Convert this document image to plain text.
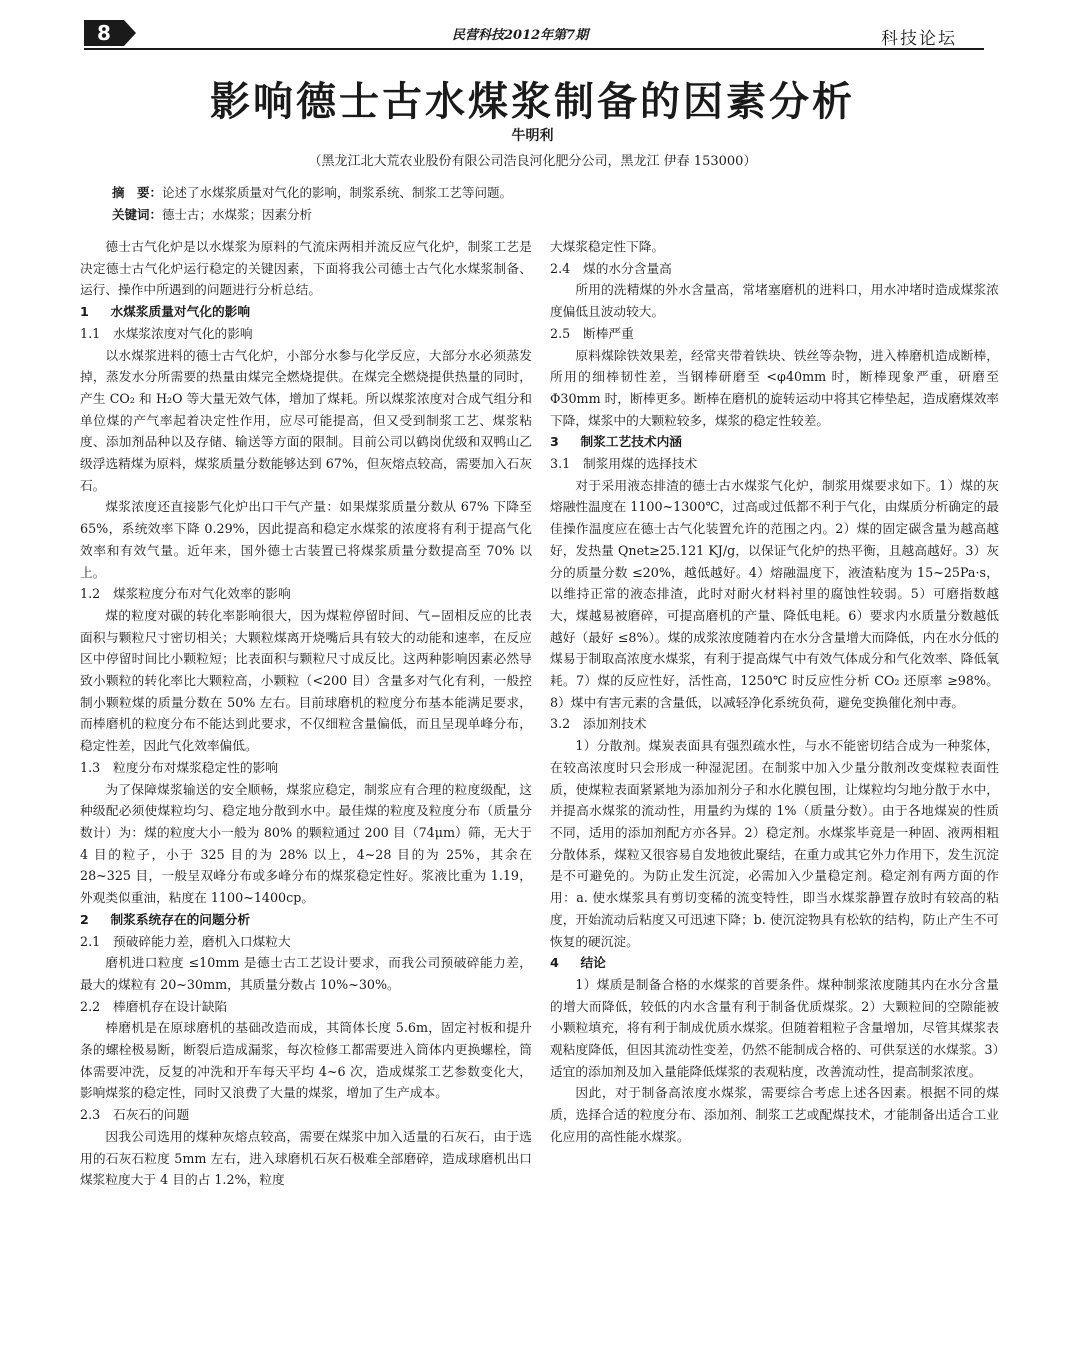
8	民营科技2012年第7期	科技论坛
影响德士古水煤浆制备的因素分析
牛明利
（黑龙江北大荒农业股份有限公司浩良河化肥分公司，黑龙江 伊春 153000）
摘　要：论述了水煤浆质量对气化的影响，制浆系统、制浆工艺等问题。
关键词：德士古；水煤浆；因素分析

德士古气化炉是以水煤浆为原料的气流床两相并流反应气化炉，制浆工艺是决定德士古气化炉运行稳定的关键因素，下面将我公司德士古气化水煤浆制备、运行、操作中所遇到的问题进行分析总结。

1 水煤浆质量对气化的影响
1.1 水煤浆浓度对气化的影响

以水煤浆进料的德士古气化炉，小部分水参与化学反应，大部分水必须蒸发掉，蒸发水分所需要的热量由煤完全燃烧提供。在煤完全燃烧提供热量的同时，产生 CO₂ 和 H₂O 等大量无效气体，增加了煤耗。所以煤浆浓度对合成气组分和单位煤的产气率起着决定性作用，应尽可能提高，但又受到制浆工艺、煤浆粘度、添加剂品种以及存储、输送等方面的限制。目前公司以鹤岗优级和双鸭山乙级浮选精煤为原料，煤浆质量分数能够达到 67%，但灰熔点较高，需要加入石灰石。

煤浆浓度还直接影气化炉出口干气产量：如果煤浆质量分数从 67% 下降至 65%，系统效率下降 0.29%，因此提高和稳定水煤浆的浓度将有利于提高气化效率和有效气量。近年来，国外德士古装置已将煤浆质量分数提高至 70% 以上。

1.2 煤浆粒度分布对气化效率的影响

煤的粒度对碳的转化率影响很大，因为煤粒停留时间、气−固相反应的比表面积与颗粒尺寸密切相关；大颗粒煤离开烧嘴后具有较大的动能和速率，在反应区中停留时间比小颗粒短；比表面积与颗粒尺寸成反比。这两种影响因素必然导致小颗粒的转化率比大颗粒高，小颗粒（<200 目）含量多对气化有利，一般控制小颗粒煤的质量分数在 50% 左右。目前球磨机的粒度分布基本能满足要求，而棒磨机的粒度分布不能达到此要求，不仅细粒含量偏低，而且呈现单峰分布，稳定性差，因此气化效率偏低。

1.3 粒度分布对煤浆稳定性的影响

为了保障煤浆输送的安全顺畅，煤浆应稳定，制浆应有合理的粒度级配，这种级配必须使煤粒均匀、稳定地分散到水中。最佳煤的粒度及粒度分布（质量分数计）为：煤的粒度大小一般为 80% 的颗粒通过 200 目（74μm）筛，无大于 4 目的粒子，小于 325 目的为 28% 以上，4~28 目的为 25%，其余在 28~325 目，一般呈双峰分布或多峰分布的煤浆稳定性好。浆液比重为 1.19，外观类似重油，粘度在 1100~1400cp。

2 制浆系统存在的问题分析
2.1 预破碎能力差，磨机入口煤粒大

磨机进口粒度 ≤10mm 是德士古工艺设计要求，而我公司预破碎能力差，最大的煤粒有 20~30mm，其质量分数占 10%~30%。

2.2 棒磨机存在设计缺陷

棒磨机是在原球磨机的基础改造而成，其筒体长度 5.6m，固定衬板和提升条的螺栓极易断，断裂后造成漏浆，每次检修工都需要进入筒体内更换螺栓，筒体需要冲洗，反复的冲洗和开车每天平均 4~6 次，造成煤浆工艺参数变化大，影响煤浆的稳定性，同时又浪费了大量的煤浆，增加了生产成本。

2.3 石灰石的问题

因我公司选用的煤种灰熔点较高，需要在煤浆中加入适量的石灰石，由于选用的石灰石粒度 5mm 左右，进入球磨机石灰石极难全部磨碎，造成球磨机出口煤浆粒度大于 4 目的占 1.2%，粒度

大煤浆稳定性下降。

2.4 煤的水分含量高

所用的洗精煤的外水含量高，常堵塞磨机的进料口，用水冲堵时造成煤浆浓度偏低且波动较大。

2.5 断棒严重

原料煤除铁效果差，经常夹带着铁块、铁丝等杂物，进入棒磨机造成断棒，所用的细棒韧性差，当钢棒研磨至 <φ40mm 时，断棒现象严重，研磨至 Φ30mm 时，断棒更多。断棒在磨机的旋转运动中将其它棒垫起，造成磨煤效率下降，煤浆中的大颗粒较多，煤浆的稳定性较差。

3 制浆工艺技术内涵
3.1 制浆用煤的选择技术

对于采用液态排渣的德士古水煤浆气化炉，制浆用煤要求如下。1）煤的灰熔融性温度在 1100~1300℃，过高或过低都不利于气化，由煤质分析确定的最佳操作温度应在德士古气化装置允许的范围之内。2）煤的固定碳含量为越高越好，发热量 Qnet≥25.121 KJ/g，以保证气化炉的热平衡，且越高越好。3）灰分的质量分数 ≤20%，越低越好。4）熔融温度下，液渣粘度为 15~25Pa·s，以维持正常的液态排渣，此时对耐火材料衬里的腐蚀性较弱。5）可磨指数越大，煤越易被磨碎，可提高磨机的产量、降低电耗。6）要求内水质量分数越低越好（最好 ≤8%）。煤的成浆浓度随着内在水分含量增大而降低，内在水分低的煤易于制取高浓度水煤浆，有利于提高煤气中有效气体成分和气化效率、降低氧耗。7）煤的反应性好，活性高，1250℃ 时反应性分析 CO₂ 还原率 ≥98%。8）煤中有害元素的含量低，以减轻净化系统负荷，避免变换催化剂中毒。

3.2 添加剂技术

1）分散剂。煤炭表面具有强烈疏水性，与水不能密切结合成为一种浆体，在较高浓度时只会形成一种湿泥团。在制浆中加入少量分散剂改变煤粒表面性质，使煤粒表面紧紧地为添加剂分子和水化膜包围，让煤粒均匀地分散于水中，并提高水煤浆的流动性，用量约为煤的 1%（质量分数）。由于各地煤炭的性质不同，适用的添加剂配方亦各异。2）稳定剂。水煤浆毕竟是一种固、液两相粗分散体系，煤粒又很容易自发地彼此聚结，在重力或其它外力作用下，发生沉淀是不可避免的。为防止发生沉淀，必需加入少量稳定剂。稳定剂有两方面的作用：a. 使水煤浆具有剪切变稀的流变特性，即当水煤浆静置存放时有较高的粘度，开始流动后粘度又可迅速下降；b. 使沉淀物具有松软的结构，防止产生不可恢复的硬沉淀。

4 结论

1）煤质是制备合格的水煤浆的首要条件。煤种制浆浓度随其内在水分含量的增大而降低，较低的内水含量有利于制备优质煤浆。2）大颗粒间的空隙能被小颗粒填充，将有利于制成优质水煤浆。但随着粗粒子含量增加，尽管其煤浆表观粘度降低，但因其流动性变差，仍然不能制成合格的、可供泵送的水煤浆。3）适宜的添加剂及加入量能降低煤浆的表观粘度，改善流动性，提高制浆浓度。

因此，对于制备高浓度水煤浆，需要综合考虑上述各因素。根据不同的煤质，选择合适的粒度分布、添加剂、制浆工艺或配煤技术，才能制备出适合工业化应用的高性能水煤浆。
